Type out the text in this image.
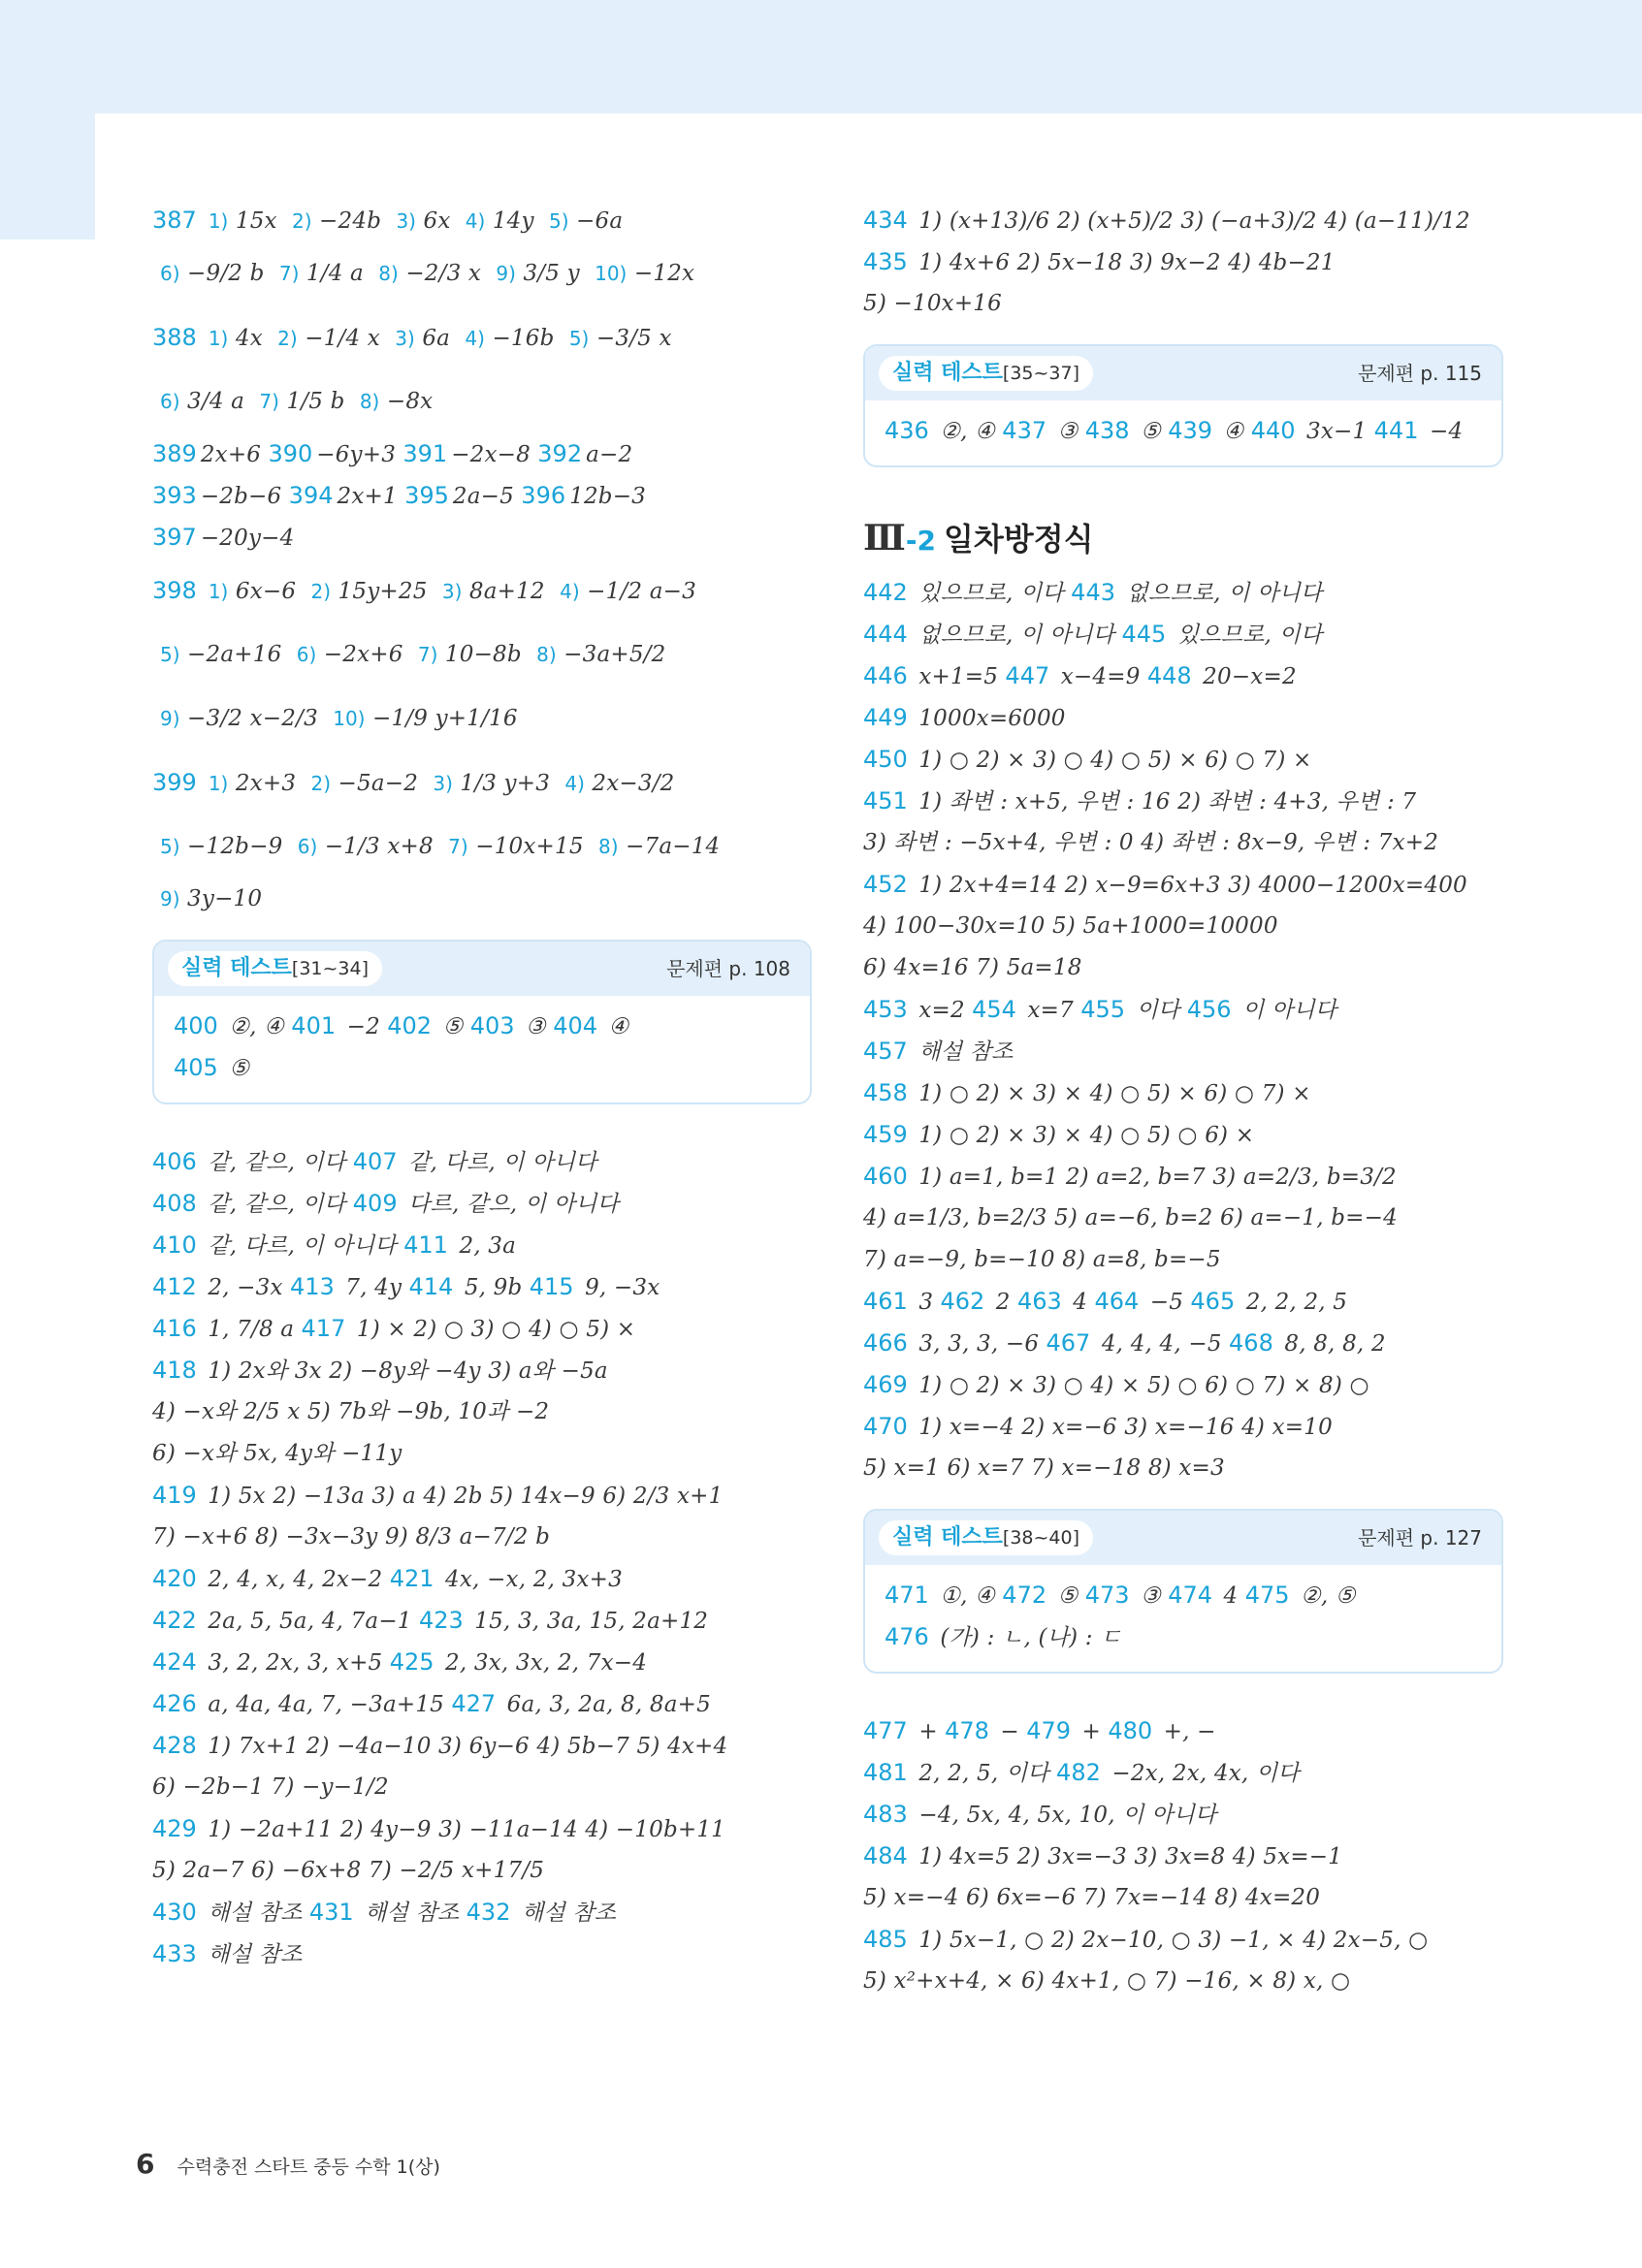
387 1) 15x 2) −24b 3) 6x 4) 14y 5) −6a
6) −9/2 b 7) 1/4 a 8) −2/3 x 9) 3/5 y 10) −12x
388 1) 4x 2) −1/4 x 3) 6a 4) −16b 5) −3/5 x
6) 3/4 a 7) 1/5 b 8) −8x
389 2x+6 390 −6y+3 391 −2x−8 392 a−2
393 −2b−6 394 2x+1 395 2a−5 396 12b−3
397 −20y−4
398 1) 6x−6 2) 15y+25 3) 8a+12 4) −1/2 a−3
5) −2a+16 6) −2x+6 7) 10−8b 8) −3a+5/2
9) −3/2 x−2/3 10) −1/9 y+1/16
399 1) 2x+3 2) −5a−2 3) 1/3 y+3 4) 2x−3/2
5) −12b−9 6) −1/3 x+8 7) −10x+15 8) −7a−14
9) 3y−10
실력 테스트[31~34]	문제편 p. 108
400 ②, ④ 401 −2 402 ⑤ 403 ③ 404 ④
405 ⑤
406 같, 같으, 이다 407 같, 다르, 이 아니다
408 같, 같으, 이다 409 다르, 같으, 이 아니다
410 같, 다르, 이 아니다 411 2, 3a
412 2, −3x 413 7, 4y 414 5, 9b 415 9, −3x
416 1, 7/8 a 417 1) × 2) ○ 3) ○ 4) ○ 5) ×
418 1) 2x와 3x 2) −8y와 −4y 3) a와 −5a
4) −x와 2/5 x 5) 7b와 −9b, 10과 −2
6) −x와 5x, 4y와 −11y
419 1) 5x 2) −13a 3) a 4) 2b 5) 14x−9 6) 2/3 x+1
7) −x+6 8) −3x−3y 9) 8/3 a−7/2 b
420 2, 4, x, 4, 2x−2 421 4x, −x, 2, 3x+3
422 2a, 5, 5a, 4, 7a−1 423 15, 3, 3a, 15, 2a+12
424 3, 2, 2x, 3, x+5 425 2, 3x, 3x, 2, 7x−4
426 a, 4a, 4a, 7, −3a+15 427 6a, 3, 2a, 8, 8a+5
428 1) 7x+1 2) −4a−10 3) 6y−6 4) 5b−7 5) 4x+4
6) −2b−1 7) −y−1/2
429 1) −2a+11 2) 4y−9 3) −11a−14 4) −10b+11
5) 2a−7 6) −6x+8 7) −2/5 x+17/5
430 해설 참조 431 해설 참조 432 해설 참조
433 해설 참조
434 1) (x+13)/6 2) (x+5)/2 3) (−a+3)/2 4) (a−11)/12
435 1) 4x+6 2) 5x−18 3) 9x−2 4) 4b−21
5) −10x+16
실력 테스트[35~37]	문제편 p. 115
436 ②, ④ 437 ③ 438 ⑤ 439 ④ 440 3x−1 441 −4
Ⅲ-2 일차방정식
442 있으므로, 이다 443 없으므로, 이 아니다
444 없으므로, 이 아니다 445 있으므로, 이다
446 x+1=5 447 x−4=9 448 20−x=2
449 1000x=6000
450 1) ○ 2) × 3) ○ 4) ○ 5) × 6) ○ 7) ×
451 1) 좌변 : x+5, 우변 : 16 2) 좌변 : 4+3, 우변 : 7
3) 좌변 : −5x+4, 우변 : 0 4) 좌변 : 8x−9, 우변 : 7x+2
452 1) 2x+4=14 2) x−9=6x+3 3) 4000−1200x=400
4) 100−30x=10 5) 5a+1000=10000
6) 4x=16 7) 5a=18
453 x=2 454 x=7 455 이다 456 이 아니다
457 해설 참조
458 1) ○ 2) × 3) × 4) ○ 5) × 6) ○ 7) ×
459 1) ○ 2) × 3) × 4) ○ 5) ○ 6) ×
460 1) a=1, b=1 2) a=2, b=7 3) a=2/3, b=3/2
4) a=1/3, b=2/3 5) a=−6, b=2 6) a=−1, b=−4
7) a=−9, b=−10 8) a=8, b=−5
461 3 462 2 463 4 464 −5 465 2, 2, 2, 5
466 3, 3, 3, −6 467 4, 4, 4, −5 468 8, 8, 8, 2
469 1) ○ 2) × 3) ○ 4) × 5) ○ 6) ○ 7) × 8) ○
470 1) x=−4 2) x=−6 3) x=−16 4) x=10
5) x=1 6) x=7 7) x=−18 8) x=3
실력 테스트[38~40]	문제편 p. 127
471 ①, ④ 472 ⑤ 473 ③ 474 4 475 ②, ⑤
476 (가) : ㄴ, (나) : ㄷ
477 + 478 − 479 + 480 +, −
481 2, 2, 5, 이다 482 −2x, 2x, 4x, 이다
483 −4, 5x, 4, 5x, 10, 이 아니다
484 1) 4x=5 2) 3x=−3 3) 3x=8 4) 5x=−1
5) x=−4 6) 6x=−6 7) 7x=−14 8) 4x=20
485 1) 5x−1, ○ 2) 2x−10, ○ 3) −1, × 4) 2x−5, ○
5) x²+x+4, × 6) 4x+1, ○ 7) −16, × 8) x, ○
6 수력충전 스타트 중등 수학 1(상)
